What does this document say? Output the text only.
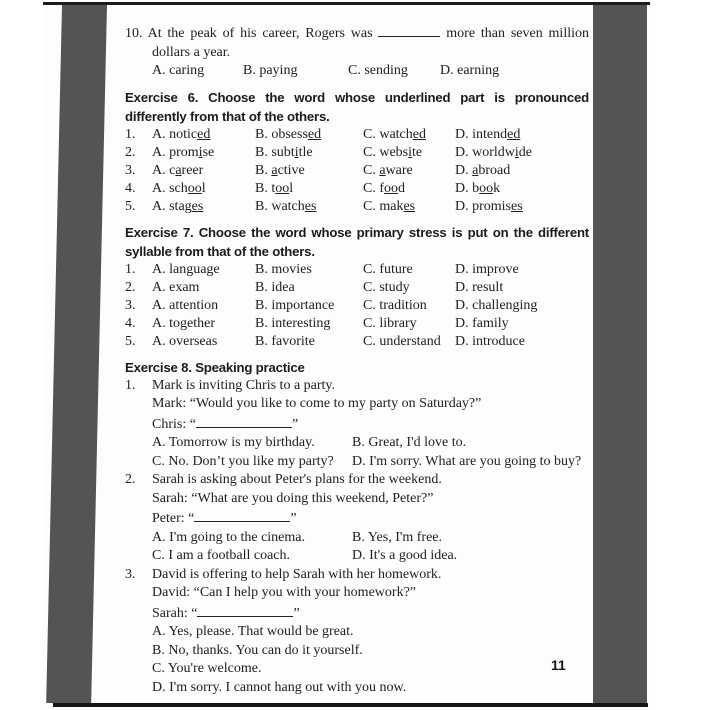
10. At the peak of his career, Rogers was	more than seven million

dollars a year.

A. caring	B. paying	C. sending	D. earning
Exercise 6. Choose the word whose underlined part is pronounced
differently from that of the others.
1.	A. noticed	B. obsessed	C. watched	D. intended
2.	A. promise	B. subtitle	C. website	D. worldwide
3.	A. career	B. active	C. aware	D. abroad
4.	A. school	B. tool	C. food	D. book
5.	A. stages	B. watches	C. makes	D. promises
Exercise 7. Choose the word whose primary stress is put on the different
syllable from that of the others.
1.	A. language	B. movies	C. future	D. improve
2.	A. exam	B. idea	C. study	D. result
3.	A. attention	B. importance	C. tradition	D. challenging
4.	A. together	B. interesting	C. library	D. family
5.	A. overseas	B. favorite	C. understand	D. introduce
Exercise 8. Speaking practice
1. Mark is inviting Chris to a party.
Mark: “Would you like to come to my party on Saturday?”
Chris: “	”
A. Tomorrow is my birthday.	B. Great, I'd love to.
C. No. Don’t you like my party?	D. I'm sorry. What are you going to buy?
2. Sarah is asking about Peter's plans for the weekend.
Sarah: “What are you doing this weekend, Peter?”
Peter: “	”
A. I'm going to the cinema.	B. Yes, I'm free.
C. I am a football coach.	D. It's a good idea.
3. David is offering to help Sarah with her homework.
David: “Can I help you with your homework?”
Sarah: “	”
A. Yes, please. That would be great.
B. No, thanks. You can do it yourself.
C. You're welcome.
D. I'm sorry. I cannot hang out with you now.
11
